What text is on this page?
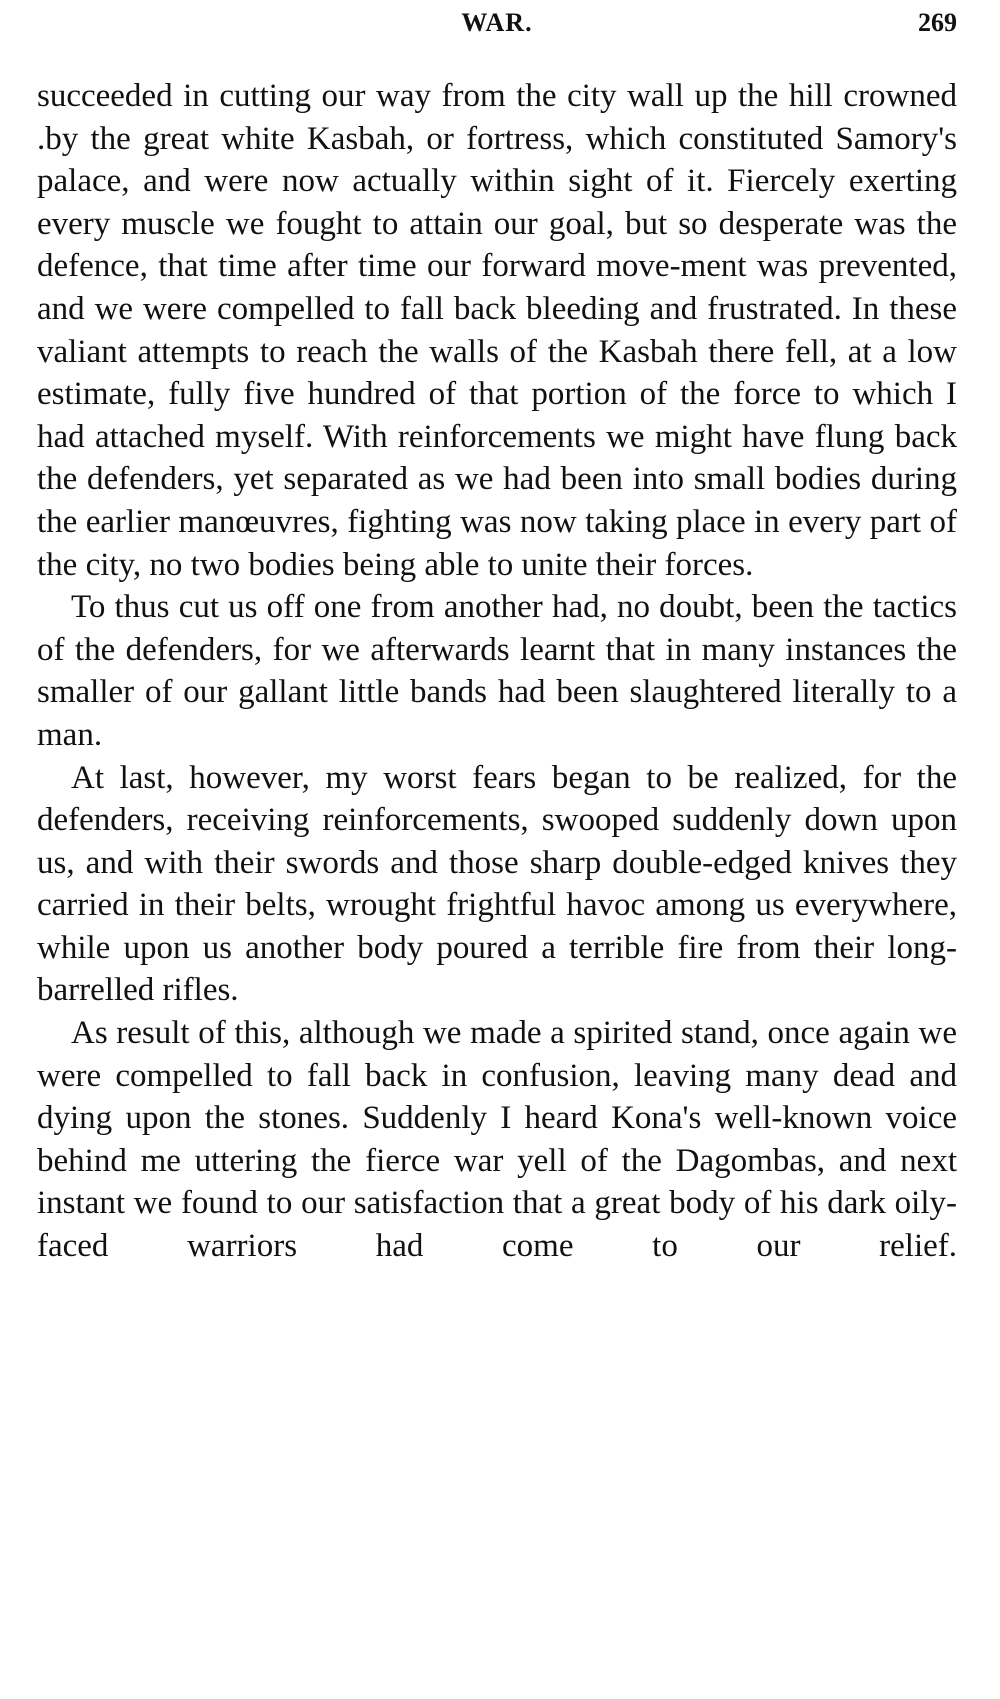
WAR.	269

succeeded in cutting our way from the city wall up the hill crowned .by the great white Kasbah, or fortress, which constituted Samory's palace, and were now actually within sight of it. Fiercely exerting every muscle we fought to attain our goal, but so desperate was the defence, that time after time our forward move-ment was prevented, and we were compelled to fall back bleeding and frustrated. In these valiant attempts to reach the walls of the Kasbah there fell, at a low estimate, fully five hundred of that portion of the force to which I had attached myself. With reinforcements we might have flung back the defenders, yet separated as we had been into small bodies during the earlier manœuvres, fighting was now taking place in every part of the city, no two bodies being able to unite their forces.

To thus cut us off one from another had, no doubt, been the tactics of the defenders, for we afterwards learnt that in many instances the smaller of our gallant little bands had been slaughtered literally to a man.

At last, however, my worst fears began to be realized, for the defenders, receiving reinforcements, swooped suddenly down upon us, and with their swords and those sharp double-edged knives they carried in their belts, wrought frightful havoc among us everywhere, while upon us another body poured a terrible fire from their long-barrelled rifles.

As result of this, although we made a spirited stand, once again we were compelled to fall back in confusion, leaving many dead and dying upon the stones. Suddenly I heard Kona's well-known voice behind me uttering the fierce war yell of the Dagombas, and next instant we found to our satisfaction that a great body of his dark oily-faced warriors had come to our relief.
